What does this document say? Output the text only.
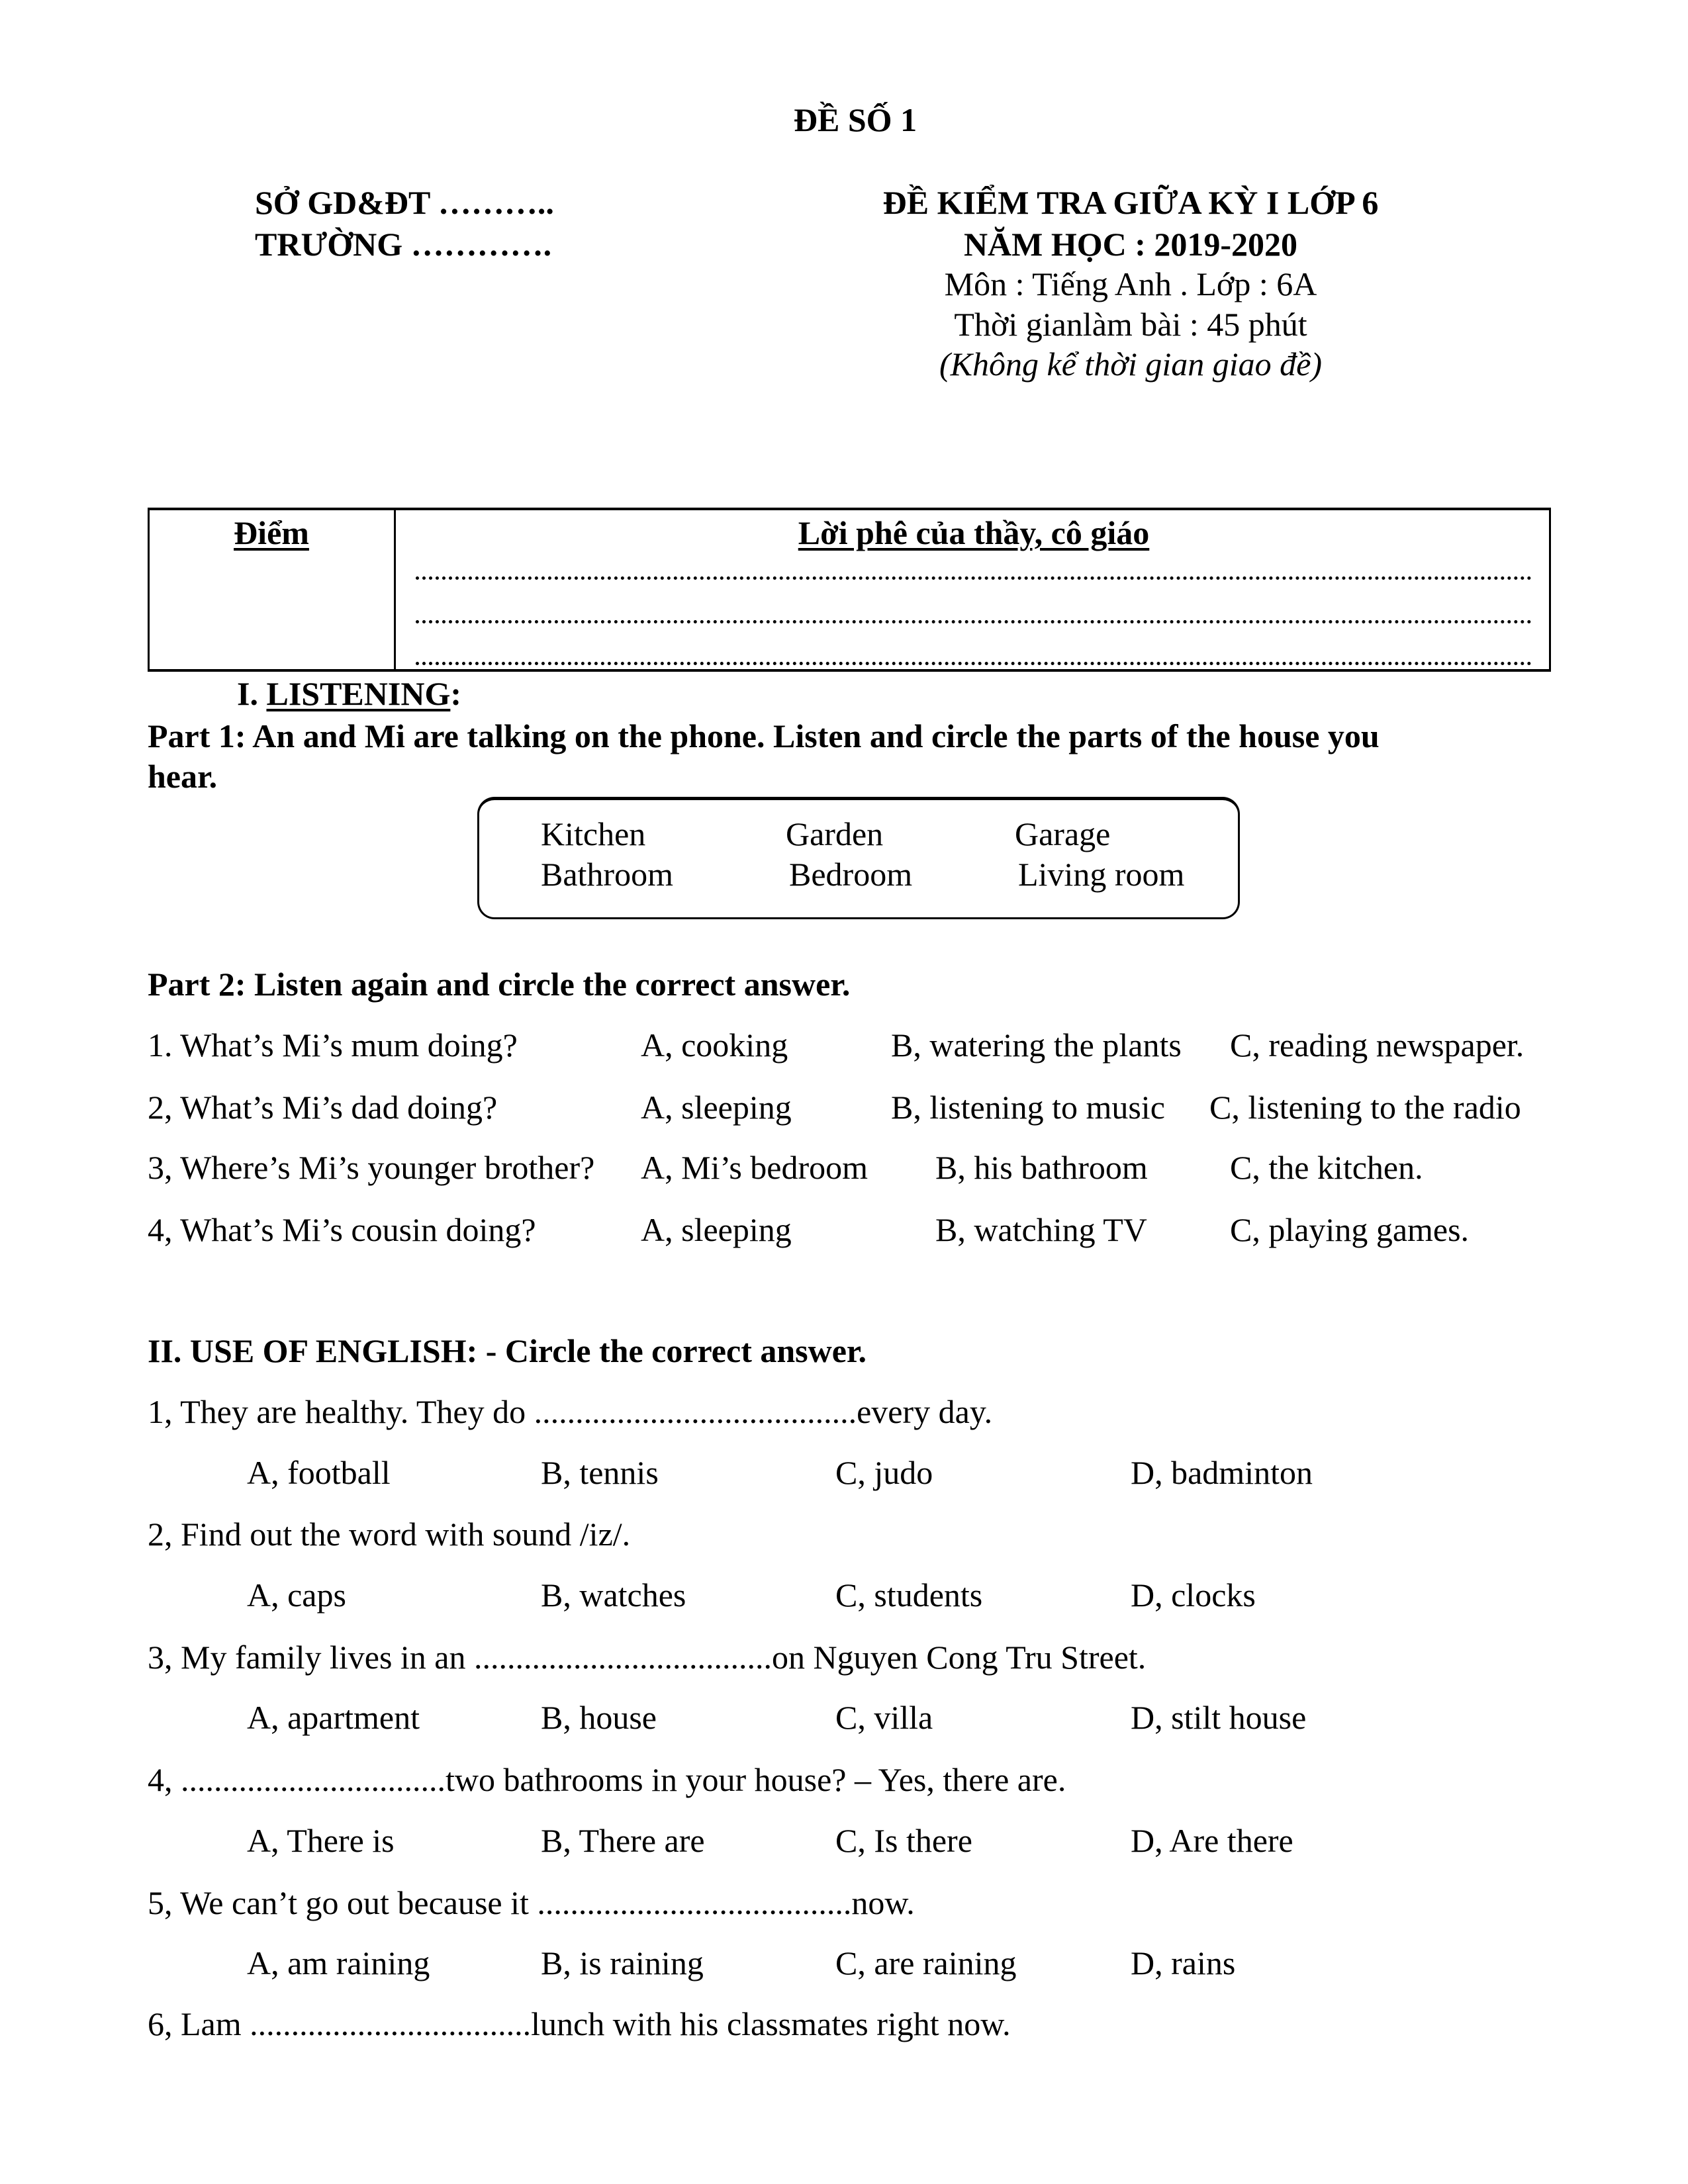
ĐỀ SỐ 1
SỞ GD&ĐT ………..
TRƯỜNG ………….
ĐỀ KIỂM TRA GIỮA KỲ I LỚP 6
NĂM HỌC : 2019-2020
Môn : Tiếng Anh . Lớp : 6A
Thời gianlàm bài : 45 phút
(Không kể thời gian giao đề)
Điểm	Lời phê của thầy, cô giáo
I. LISTENING:
Part 1: An and Mi are talking on the phone. Listen and circle the parts of the house you
hear.
Kitchen	Garden	Garage
Bathroom	Bedroom	Living room
Part 2: Listen again and circle the correct answer.
1. What’s Mi’s mum doing?	A, cooking	B, watering the plants C, reading newspaper.
2, What’s Mi’s dad doing?	A, sleeping	B, listening to music C, listening to the radio
3, Where’s Mi’s younger brother? A, Mi’s bedroom B, his bathroom C, the kitchen.
4, What’s Mi’s cousin doing?	A, sleeping	B, watching TV	C, playing games.
II. USE OF ENGLISH: - Circle the correct answer.
1, They are healthy. They do .......................................every day.
A, football	B, tennis	C, judo	D, badminton
2, Find out the word with sound /iz/.
A, caps	B, watches	C, students	D, clocks
3, My family lives in an ....................................on Nguyen Cong Tru Street.
A, apartment	B, house	C, villa	D, stilt house
4, ................................two bathrooms in your house? – Yes, there are.
A, There is	B, There are	C, Is there	D, Are there
5, We can’t go out because it ......................................now.
A, am raining	B, is raining	C, are raining	D, rains
6, Lam ..................................lunch with his classmates right now.
